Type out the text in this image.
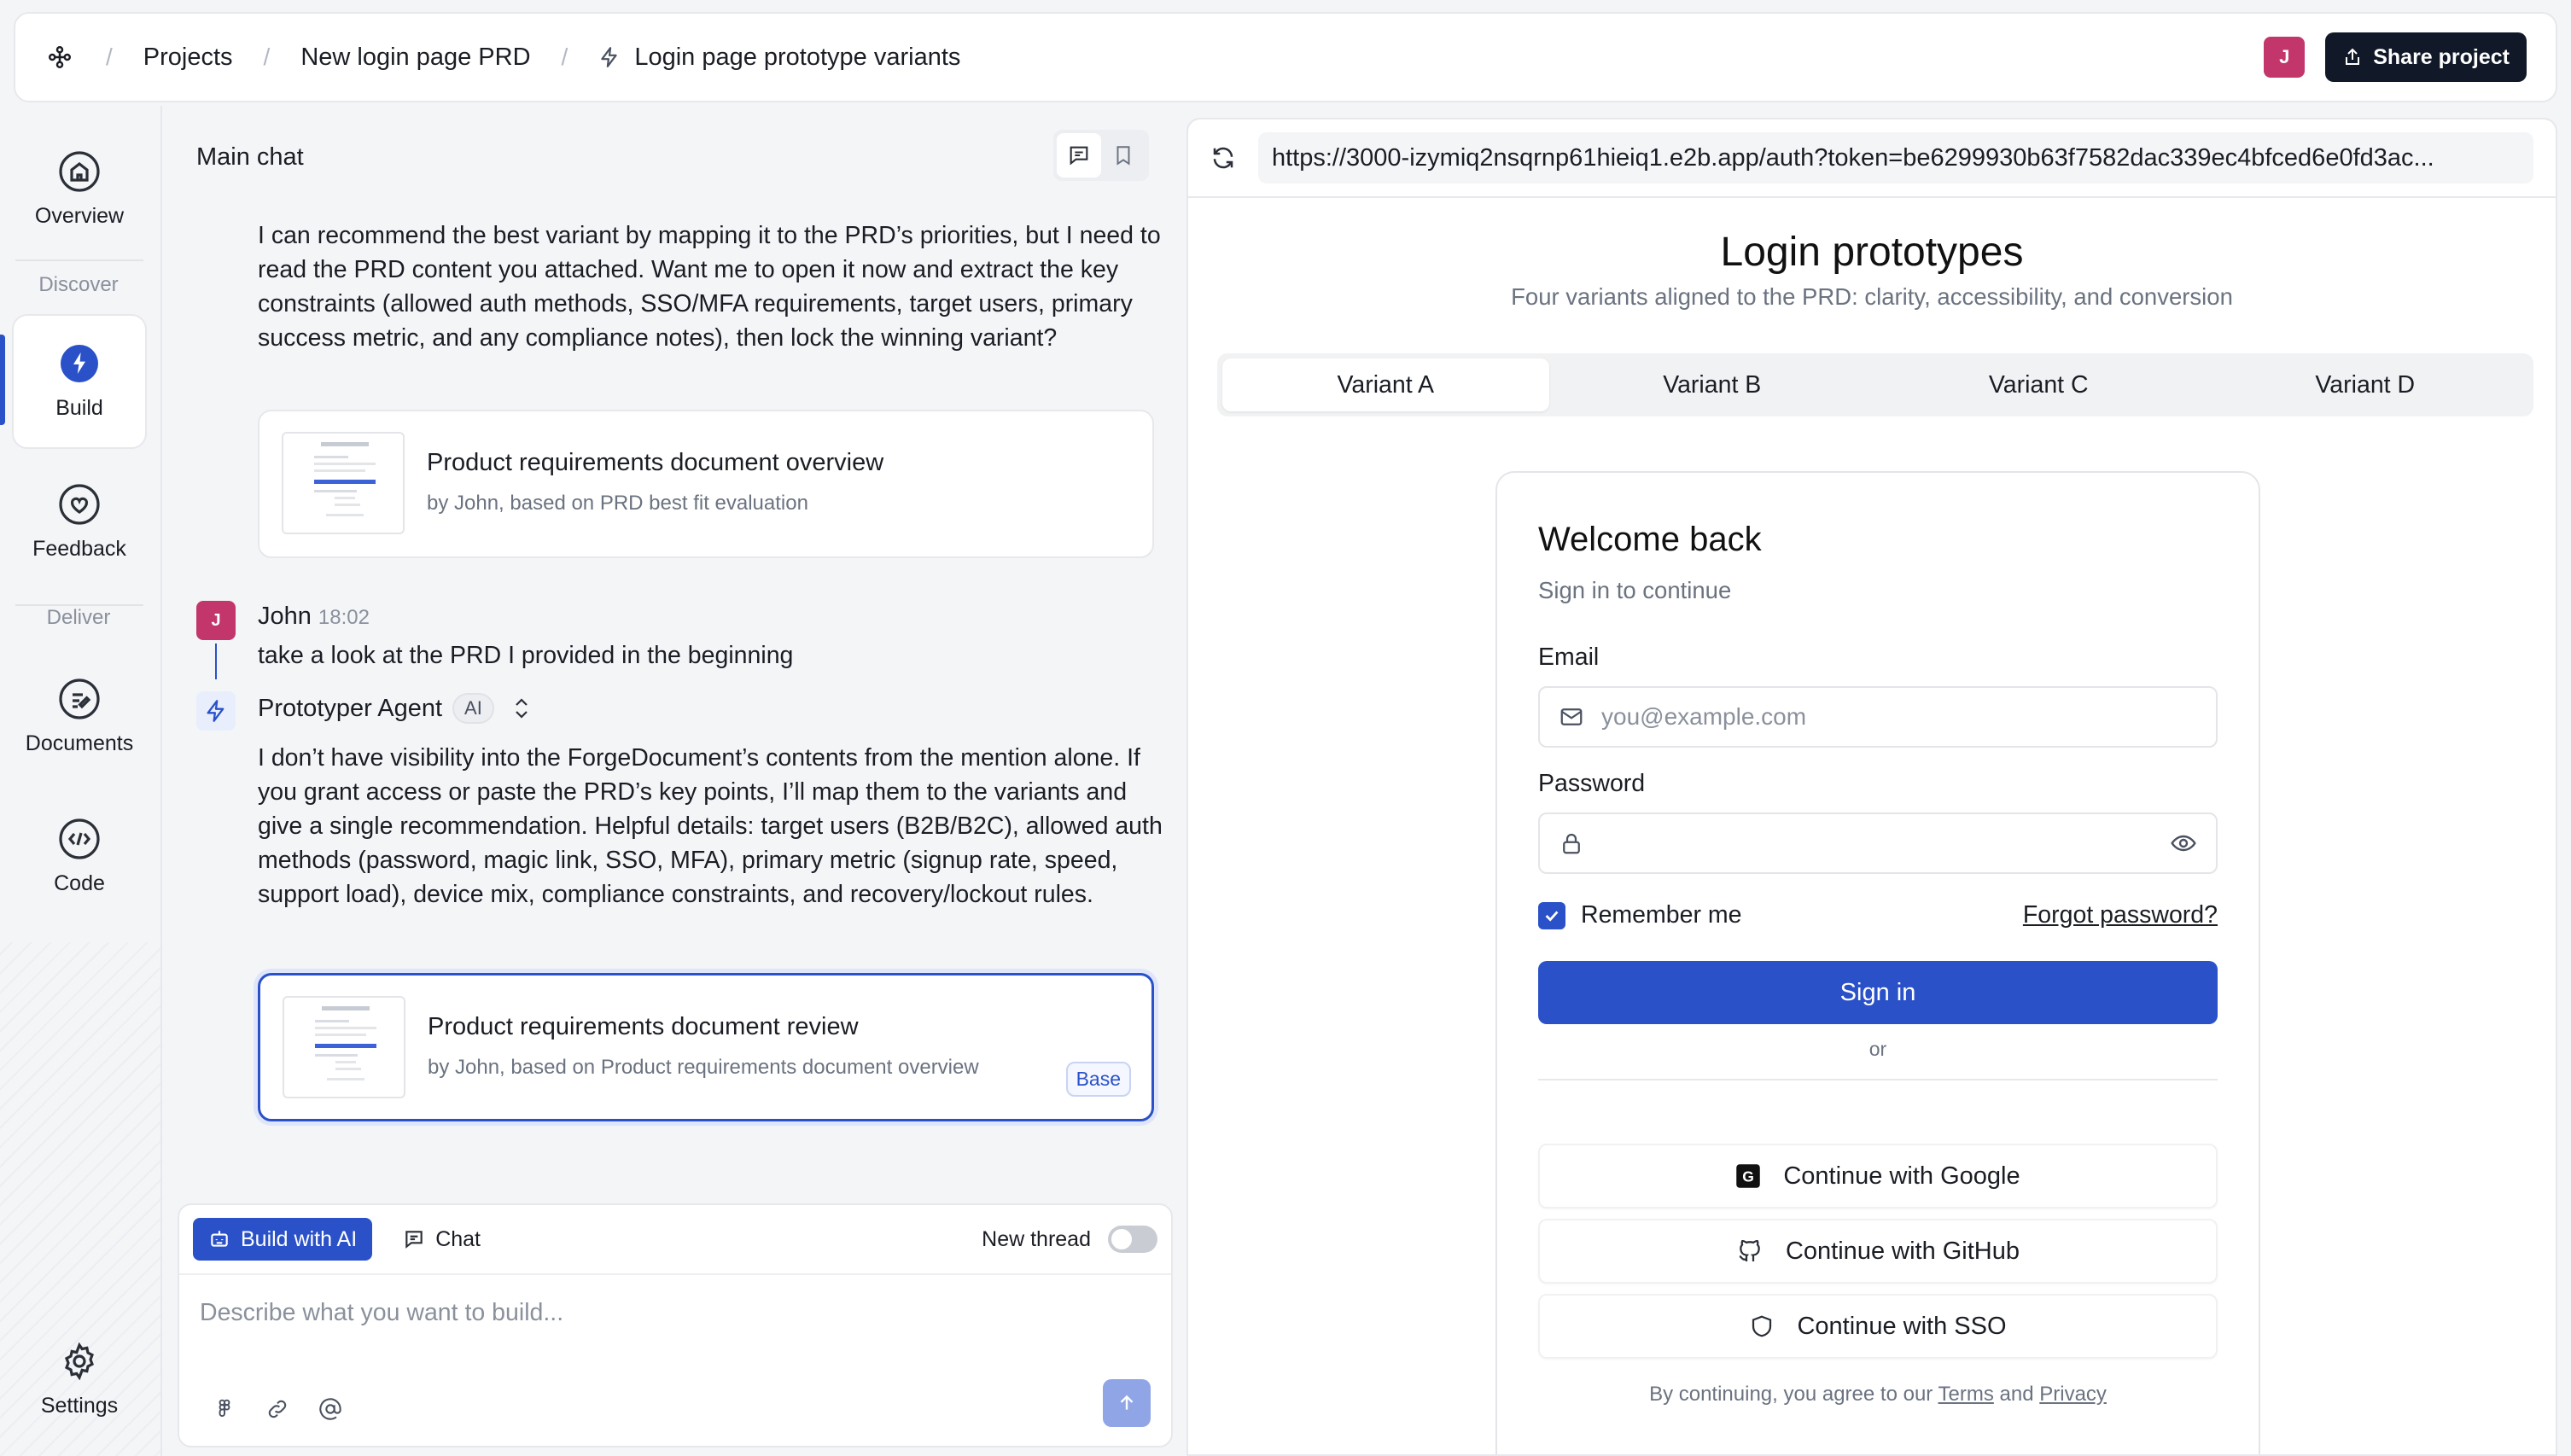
/ Projects / New login page PRD /	Login page prototype variants	J	Share project
Overview
Discover
Build
Feedback
Deliver
Documents
Code
Settings
Main chat
I can recommend the best variant by mapping it to the PRD’s priorities, but I need to read the PRD content you attached. Want me to open it now and extract the key constraints (allowed auth methods, SSO/MFA requirements, target users, primary success metric, and any compliance notes), then lock the winning variant?
Product requirements document overview
by John, based on PRD best fit evaluation
J	John 18:02
take a look at the PRD I provided in the beginning
Prototyper Agent	AI
I don’t have visibility into the ForgeDocument’s contents from the mention alone. If you grant access or paste the PRD’s key points, I’ll map them to the variants and give a single recommendation. Helpful details: target users (B2B/B2C), allowed auth methods (password, magic link, SSO, MFA), primary metric (signup rate, speed, support load), device mix, compliance constraints, and recovery/lockout rules.
Product requirements document review
by John, based on Product requirements document overview	Base
Build with AI	Chat	New thread
Describe what you want to build...
https://3000-izymiq2nsqrnp61hieiq1.e2b.app/auth?token=be6299930b63f7582dac339ec4bfced6e0fd3ac...
Login prototypes
Four variants aligned to the PRD: clarity, accessibility, and conversion
Variant A	Variant B	Variant C	Variant D
Welcome back
Sign in to continue
Email
you@example.com
Password
Remember me	Forgot password?
Sign in
or
G Continue with Google
Continue with GitHub
Continue with SSO
By continuing, you agree to our Terms and Privacy
